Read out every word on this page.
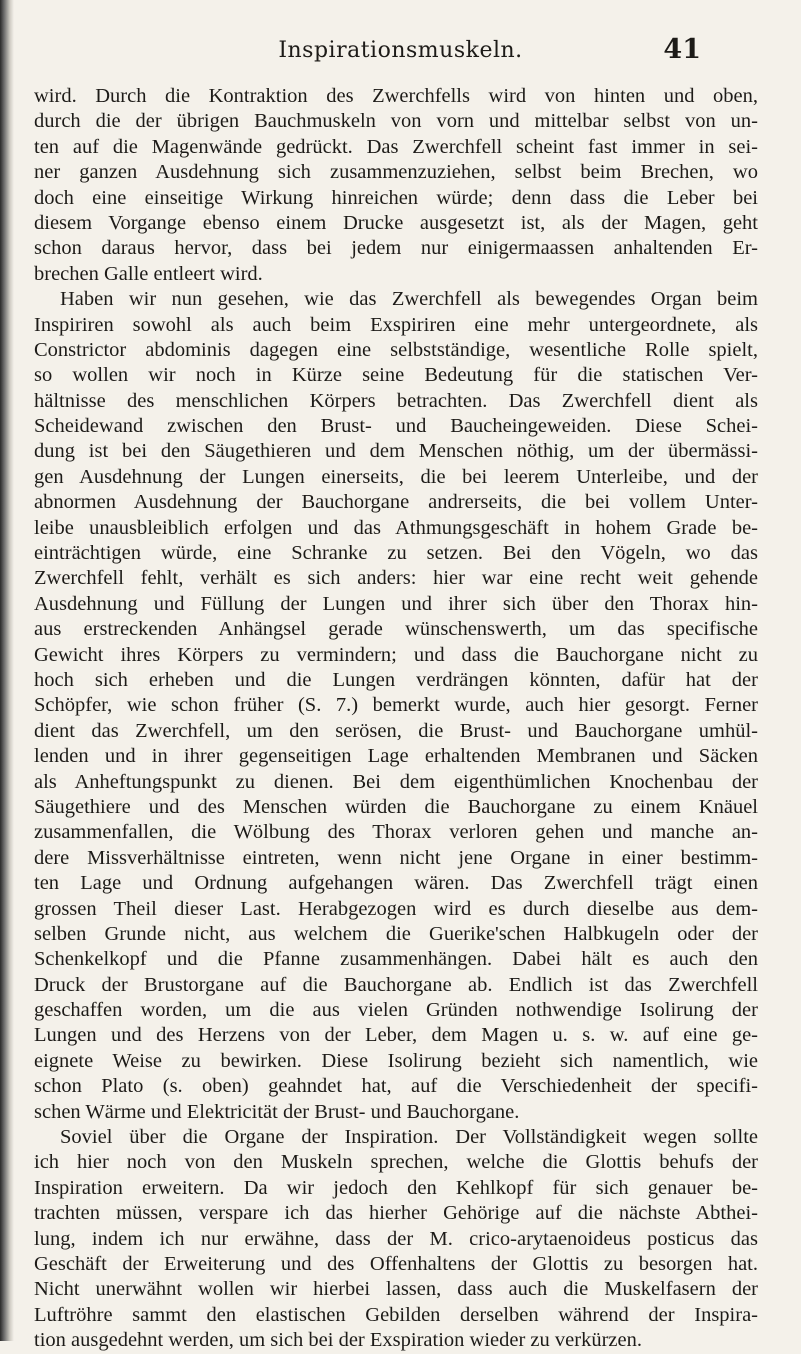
Inspirationsmuskeln.	41
wird. Durch die Kontraktion des Zwerchfells wird von hinten und oben,
durch die der übrigen Bauchmuskeln von vorn und mittelbar selbst von un-
ten auf die Magenwände gedrückt. Das Zwerchfell scheint fast immer in sei-
ner ganzen Ausdehnung sich zusammenzuziehen, selbst beim Brechen, wo
doch eine einseitige Wirkung hinreichen würde; denn dass die Leber bei
diesem Vorgange ebenso einem Drucke ausgesetzt ist, als der Magen, geht
schon daraus hervor, dass bei jedem nur einigermaassen anhaltenden Er-
brechen Galle entleert wird.
Haben wir nun gesehen, wie das Zwerchfell als bewegendes Organ beim
Inspiriren sowohl als auch beim Exspiriren eine mehr untergeordnete, als
Constrictor abdominis dagegen eine selbstständige, wesentliche Rolle spielt,
so wollen wir noch in Kürze seine Bedeutung für die statischen Ver-
hältnisse des menschlichen Körpers betrachten. Das Zwerchfell dient als
Scheidewand zwischen den Brust- und Baucheingeweiden. Diese Schei-
dung ist bei den Säugethieren und dem Menschen nöthig, um der übermässi-
gen Ausdehnung der Lungen einerseits, die bei leerem Unterleibe, und der
abnormen Ausdehnung der Bauchorgane andrerseits, die bei vollem Unter-
leibe unausbleiblich erfolgen und das Athmungsgeschäft in hohem Grade be-
einträchtigen würde, eine Schranke zu setzen. Bei den Vögeln, wo das
Zwerchfell fehlt, verhält es sich anders: hier war eine recht weit gehende
Ausdehnung und Füllung der Lungen und ihrer sich über den Thorax hin-
aus erstreckenden Anhängsel gerade wünschenswerth, um das specifische
Gewicht ihres Körpers zu vermindern; und dass die Bauchorgane nicht zu
hoch sich erheben und die Lungen verdrängen könnten, dafür hat der
Schöpfer, wie schon früher (S. 7.) bemerkt wurde, auch hier gesorgt. Ferner
dient das Zwerchfell, um den serösen, die Brust- und Bauchorgane umhül-
lenden und in ihrer gegenseitigen Lage erhaltenden Membranen und Säcken
als Anheftungspunkt zu dienen. Bei dem eigenthümlichen Knochenbau der
Säugethiere und des Menschen würden die Bauchorgane zu einem Knäuel
zusammenfallen, die Wölbung des Thorax verloren gehen und manche an-
dere Missverhältnisse eintreten, wenn nicht jene Organe in einer bestimm-
ten Lage und Ordnung aufgehangen wären. Das Zwerchfell trägt einen
grossen Theil dieser Last. Herabgezogen wird es durch dieselbe aus dem-
selben Grunde nicht, aus welchem die Guerike'schen Halbkugeln oder der
Schenkelkopf und die Pfanne zusammenhängen. Dabei hält es auch den
Druck der Brustorgane auf die Bauchorgane ab. Endlich ist das Zwerchfell
geschaffen worden, um die aus vielen Gründen nothwendige Isolirung der
Lungen und des Herzens von der Leber, dem Magen u. s. w. auf eine ge-
eignete Weise zu bewirken. Diese Isolirung bezieht sich namentlich, wie
schon Plato (s. oben) geahndet hat, auf die Verschiedenheit der specifi-
schen Wärme und Elektricität der Brust- und Bauchorgane.
Soviel über die Organe der Inspiration. Der Vollständigkeit wegen sollte
ich hier noch von den Muskeln sprechen, welche die Glottis behufs der
Inspiration erweitern. Da wir jedoch den Kehlkopf für sich genauer be-
trachten müssen, verspare ich das hierher Gehörige auf die nächste Abthei-
lung, indem ich nur erwähne, dass der M. crico-arytaenoideus posticus das
Geschäft der Erweiterung und des Offenhaltens der Glottis zu besorgen hat.
Nicht unerwähnt wollen wir hierbei lassen, dass auch die Muskelfasern der
Luftröhre sammt den elastischen Gebilden derselben während der Inspira-
tion ausgedehnt werden, um sich bei der Exspiration wieder zu verkürzen.
